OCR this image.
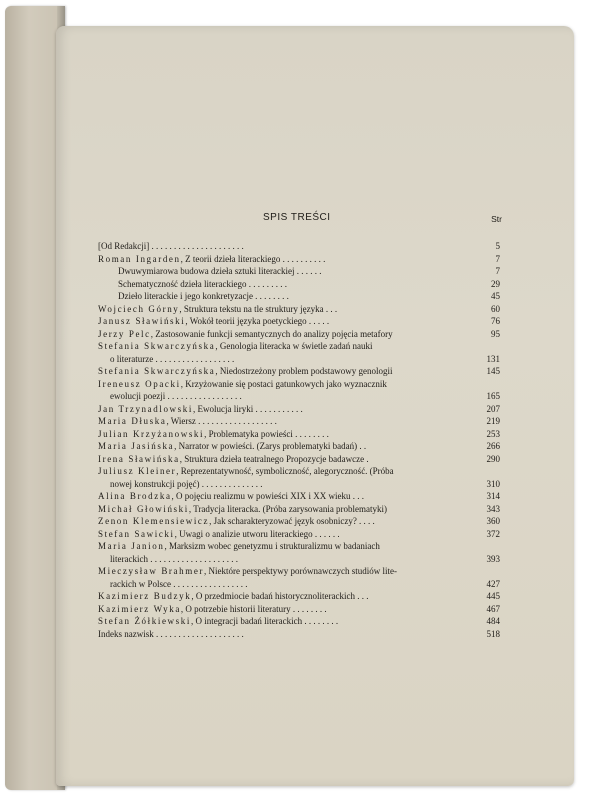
SPIS TREŚCI	Str
[Od Redakcji] . . . . . . . . . . . . . . . . . . . . .	5
Roman Ingarden, Z teorii dzieła literackiego . . . . . . . . . .	7
Dwuwymiarowa budowa dzieła sztuki literackiej . . . . . .	7
Schematyczność dzieła literackiego . . . . . . . . .	29
Dzieło literackie i jego konkretyzacje . . . . . . . .	45
Wojciech Górny, Struktura tekstu na tle struktury języka . . .	60
Janusz Sławiński, Wokół teorii języka poetyckiego . . . . .	76
Jerzy Pelc, Zastosowanie funkcji semantycznych do analizy pojęcia metafory	95
Stefania Skwarczyńska, Genologia literacka w świetle zadań nauki
o literaturze . . . . . . . . . . . . . . . . . .	131
Stefania Skwarczyńska, Niedostrzeżony problem podstawowy genologii	145
Ireneusz Opacki, Krzyżowanie się postaci gatunkowych jako wyznacznik
ewolucji poezji . . . . . . . . . . . . . . . . .	165
Jan Trzynadlowski, Ewolucja liryki . . . . . . . . . . .	207
Maria Dłuska, Wiersz . . . . . . . . . . . . . . . . . .	219
Julian Krzyżanowski, Problematyka powieści . . . . . . . .	253
Maria Jasińska, Narrator w powieści. (Zarys problematyki badań) . .	266
Irena Sławińska, Struktura dzieła teatralnego Propozycje badawcze .	290
Juliusz Kleiner, Reprezentatywność, symboliczność, alegoryczność. (Próba
nowej konstrukcji pojęć) . . . . . . . . . . . . . .	310
Alina Brodzka, O pojęciu realizmu w powieści XIX i XX wieku . . .	314
Michał Głowiński, Tradycja literacka. (Próba zarysowania problematyki)	343
Zenon Klemensiewicz, Jak scharakteryzować język osobniczy? . . . .	360
Stefan Sawicki, Uwagi o analizie utworu literackiego . . . . . .	372
Maria Janion, Marksizm wobec genetyzmu i strukturalizmu w badaniach
literackich . . . . . . . . . . . . . . . . . . . .	393
Mieczysław Brahmer, Niektóre perspektywy porównawczych studiów lite-
rackich w Polsce . . . . . . . . . . . . . . . . .	427
Kazimierz Budzyk, O przedmiocie badań historycznoliterackich . . .	445
Kazimierz Wyka, O potrzebie historii literatury . . . . . . . .	467
Stefan Żółkiewski, O integracji badań literackich . . . . . . . .	484
Indeks nazwisk . . . . . . . . . . . . . . . . . . . .	518
